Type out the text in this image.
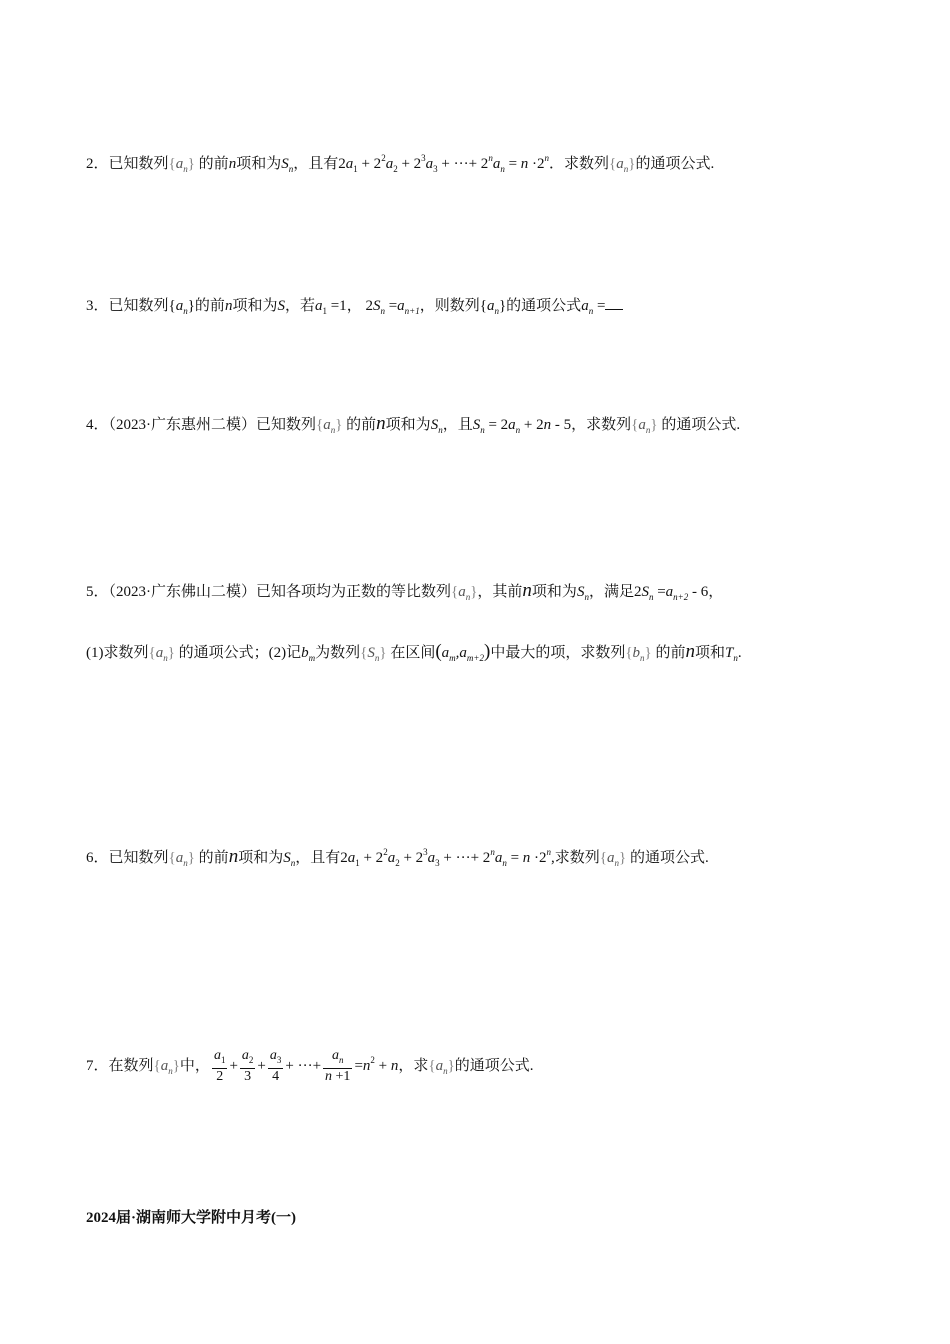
2．已知数列$\{a_n\}$ 的前n项和为$S_n$，且有$2a_1 + 2^2a_2 + 2^3a_3$ + ···+ $2^na_n = n \cdot 2^n$．求数列$\{a_n\}$的通项公式.
3．已知数列$\{a_n\}$的前n项和为S，若$a_1 =1$， $2S_n =a_{n+1}$，则数列$\{a_n\}$的通项公式$a_n$ =
4．（2023·广东惠州二模）已知数列$\{a_n\}$ 的前n项和为$S_n$，且$S_n = 2a_n + 2n - 5$，求数列$\{a_n\}$ 的通项公式.
5．（2023·广东佛山二模）已知各项均为正数的等比数列$\{a_n\}$，其前n项和为$S_n$，满足$2S_n =a_{n+2} - 6$，
(1)求数列$\{a_n\}$ 的通项公式；(2)记$b_m$为数列$\{S_n\}$ 在区间$(a_m,a_{m+2})$中最大的项，求数列$\{b_n\}$ 的前n项和$T_n$.
6．已知数列$\{a_n\}$ 的前n项和为$S_n$，且有$2a_1 + 2^2a_2 + 2^3a_3$ + ···+ $2^na_n = n \cdot 2^n$,求数列$\{a_n\}$ 的通项公式.
7．在数列$\{a_n\}$中， $\frac{a_1}{2} + \frac{a_2}{3} + \frac{a_3}{4}$ + ···+ $\frac{a_n}{n +1} =n^2 + n$，求$\{a_n\}$的通项公式.
2024届·湖南师大学附中月考(一)
